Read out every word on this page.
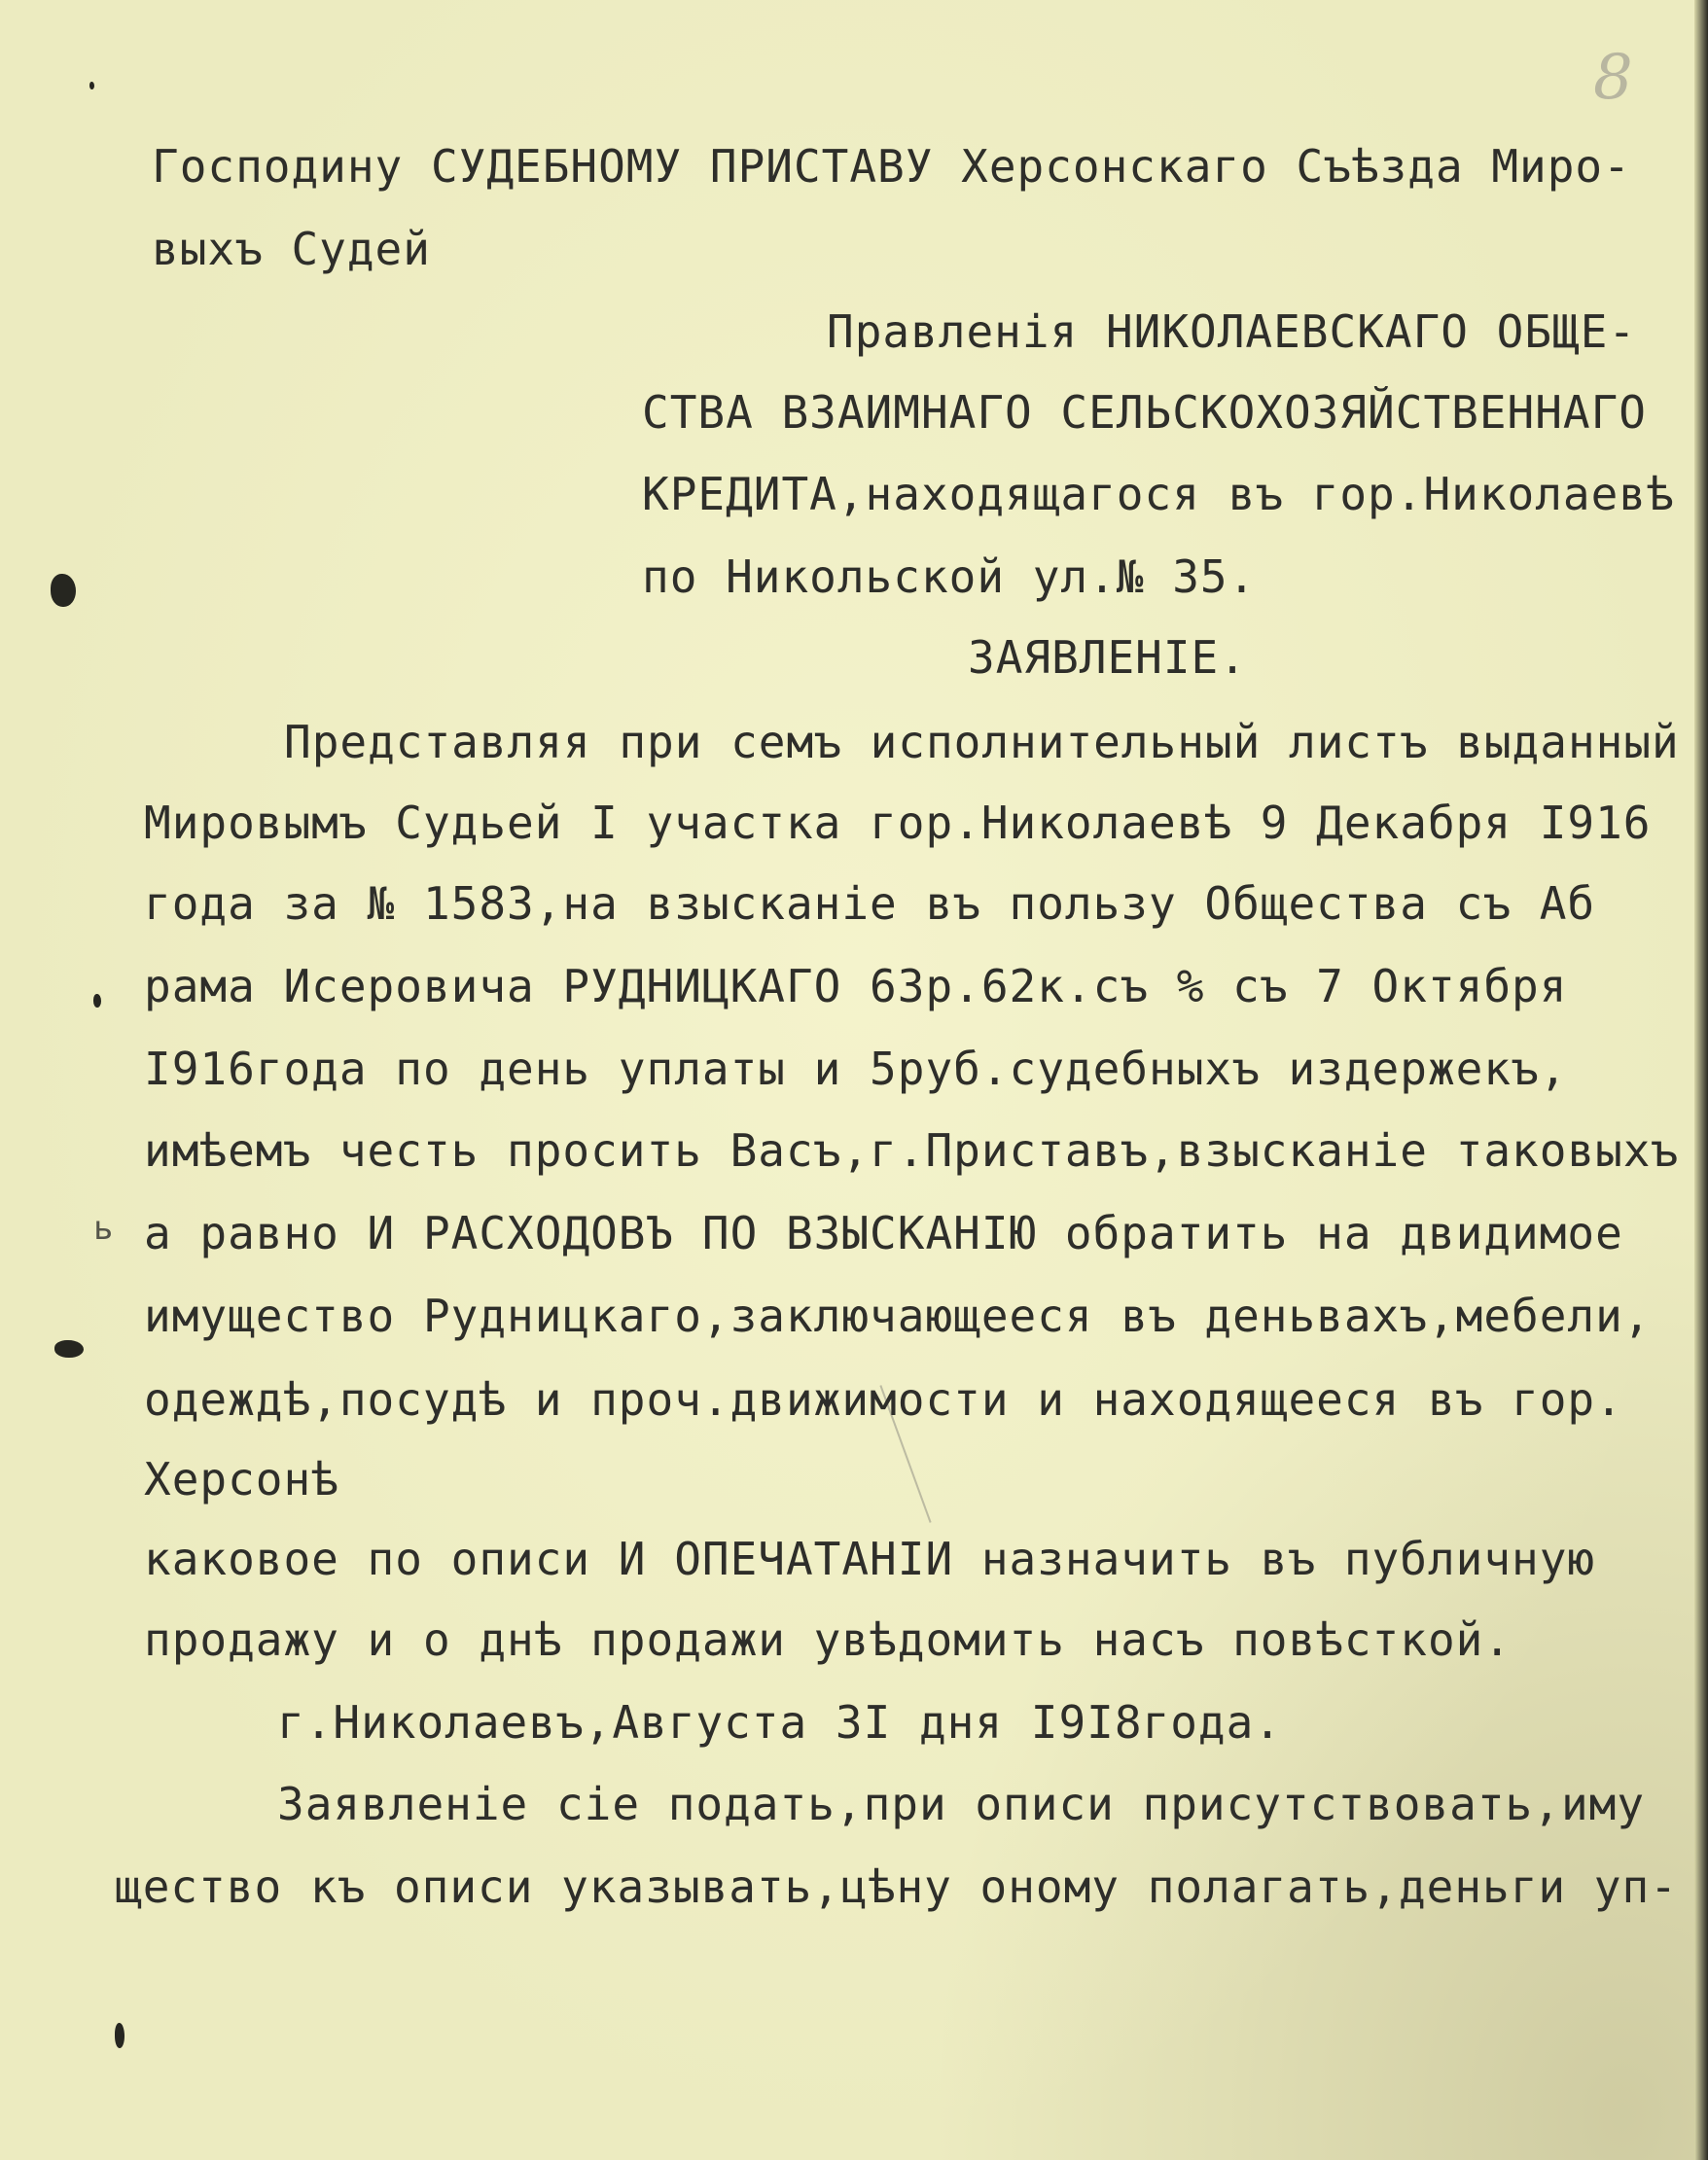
8
ь
Господину СУДЕБНОМУ ПРИСТАВУ Херсонскаго Съѣзда Миро-
выхъ Судей
Правленія НИКОЛАЕВСКАГО ОБЩЕ-
СТВА ВЗАИМНАГО СЕЛЬСКОХОЗЯЙСТВЕННАГО
КРЕДИТА,находящагося въ гор.Николаевѣ
по Никольской ул.№ 35.
ЗАЯВЛЕНІЕ.
Представляя при семъ исполнительный листъ выданный
Мировымъ Судьей I участка гор.Николаевѣ 9 Декабря I916
года за № 1583,на взысканіе въ пользу Общества съ Аб
рама Исеровича РУДНИЦКАГО 63р.62к.съ % съ 7 Октября
I916года по день уплаты и 5руб.судебныхъ издержекъ,
имѣемъ честь просить Васъ,г.Приставъ,взысканіе таковыхъ
а равно И РАСХОДОВЪ ПО ВЗЫСКАНІЮ обратить на двидимое
имущество Рудницкаго,заключающееся въ деньвахъ,мебели,
одеждѣ,посудѣ и проч.движимости и находящееся въ гор.
Херсонѣ
каковое по описи И ОПЕЧАТАНІИ назначить въ публичную
продажу и о днѣ продажи увѣдомить насъ повѣсткой.
г.Николаевъ,Августа 3I дня I9I8года.
Заявленіе сіе подать,при описи присутствовать,иму
щество къ описи указывать,цѣну оному полагать,деньги уп-
